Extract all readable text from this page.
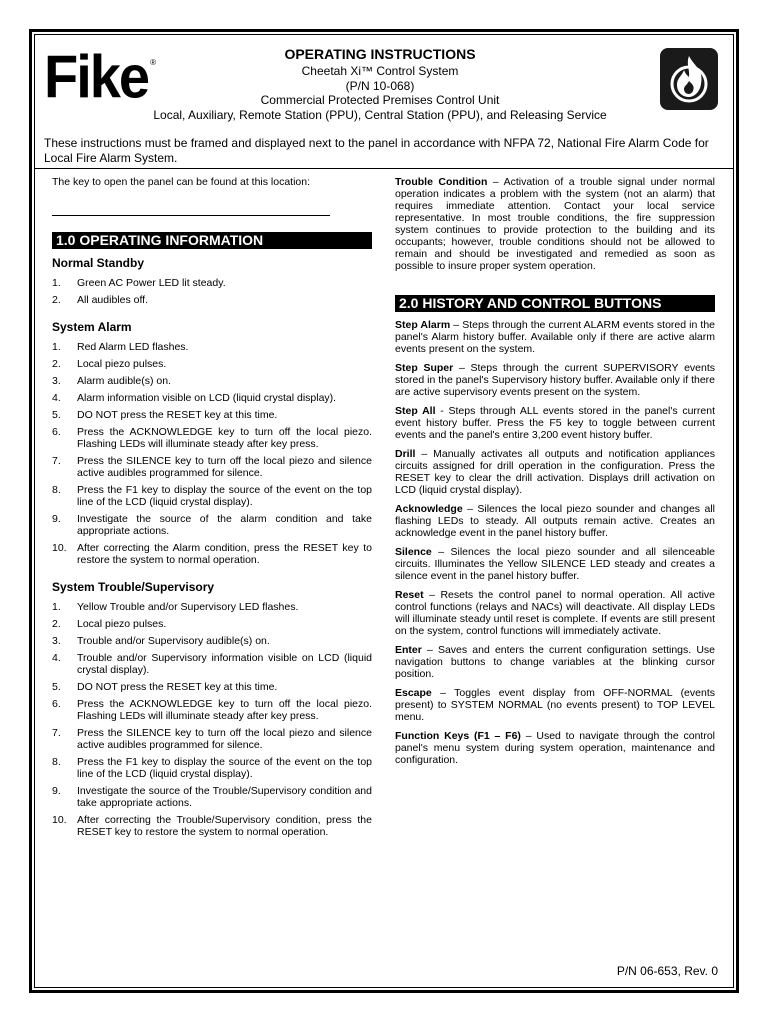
Fike ®
OPERATING INSTRUCTIONS
Cheetah Xi™ Control System
(P/N 10-068)
Commercial Protected Premises Control Unit
Local, Auxiliary, Remote Station (PPU), Central Station (PPU), and Releasing Service
These instructions must be framed and displayed next to the panel in accordance with NFPA 72, National Fire Alarm Code for Local Fire Alarm System.
The key to open the panel can be found at this location:
1.0 OPERATING INFORMATION
Normal Standby
1.	Green AC Power LED lit steady.
2.	All audibles off.
System Alarm
1.	Red Alarm LED flashes.
2.	Local piezo pulses.
3.	Alarm audible(s) on.
4.	Alarm information visible on LCD (liquid crystal display).
5.	DO NOT press the RESET key at this time.
6.	Press the ACKNOWLEDGE key to turn off the local piezo. Flashing LEDs will illuminate steady after key press.
7.	Press the SILENCE key to turn off the local piezo and silence active audibles programmed for silence.
8.	Press the F1 key to display the source of the event on the top line of the LCD (liquid crystal display).
9.	Investigate the source of the alarm condition and take appropriate actions.
10. After correcting the Alarm condition, press the RESET key to restore the system to normal operation.
System Trouble/Supervisory
1.	Yellow Trouble and/or Supervisory LED flashes.
2.	Local piezo pulses.
3.	Trouble and/or Supervisory audible(s) on.
4.	Trouble and/or Supervisory information visible on LCD (liquid crystal display).
5.	DO NOT press the RESET key at this time.
6.	Press the ACKNOWLEDGE key to turn off the local piezo. Flashing LEDs will illuminate steady after key press.
7.	Press the SILENCE key to turn off the local piezo and silence active audibles programmed for silence.
8.	Press the F1 key to display the source of the event on the top line of the LCD (liquid crystal display).
9.	Investigate the source of the Trouble/Supervisory condition and take appropriate actions.
10. After correcting the Trouble/Supervisory condition, press the RESET key to restore the system to normal operation.
Trouble Condition – Activation of a trouble signal under normal operation indicates a problem with the system (not an alarm) that requires immediate attention. Contact your local service representative. In most trouble conditions, the fire suppression system continues to provide protection to the building and its occupants; however, trouble conditions should not be allowed to remain and should be investigated and remedied as soon as possible to insure proper system operation.
2.0 HISTORY AND CONTROL BUTTONS
Step Alarm – Steps through the current ALARM events stored in the panel's Alarm history buffer. Available only if there are active alarm events present on the system.
Step Super – Steps through the current SUPERVISORY events stored in the panel's Supervisory history buffer. Available only if there are active supervisory events present on the system.
Step All - Steps through ALL events stored in the panel's current event history buffer. Press the F5 key to toggle between current events and the panel's entire 3,200 event history buffer.
Drill – Manually activates all outputs and notification appliances circuits assigned for drill operation in the configuration. Press the RESET key to clear the drill activation. Displays drill activation on LCD (liquid crystal display).
Acknowledge – Silences the local piezo sounder and changes all flashing LEDs to steady. All outputs remain active. Creates an acknowledge event in the panel history buffer.
Silence – Silences the local piezo sounder and all silenceable circuits. Illuminates the Yellow SILENCE LED steady and creates a silence event in the panel history buffer.
Reset – Resets the control panel to normal operation. All active control functions (relays and NACs) will deactivate. All display LEDs will illuminate steady until reset is complete. If events are still present on the system, control functions will immediately activate.
Enter – Saves and enters the current configuration settings. Use navigation buttons to change variables at the blinking cursor position.
Escape – Toggles event display from OFF-NORMAL (events present) to SYSTEM NORMAL (no events present) to TOP LEVEL menu.
Function Keys (F1 – F6) – Used to navigate through the control panel's menu system during system operation, maintenance and configuration.
P/N 06-653, Rev. 0
